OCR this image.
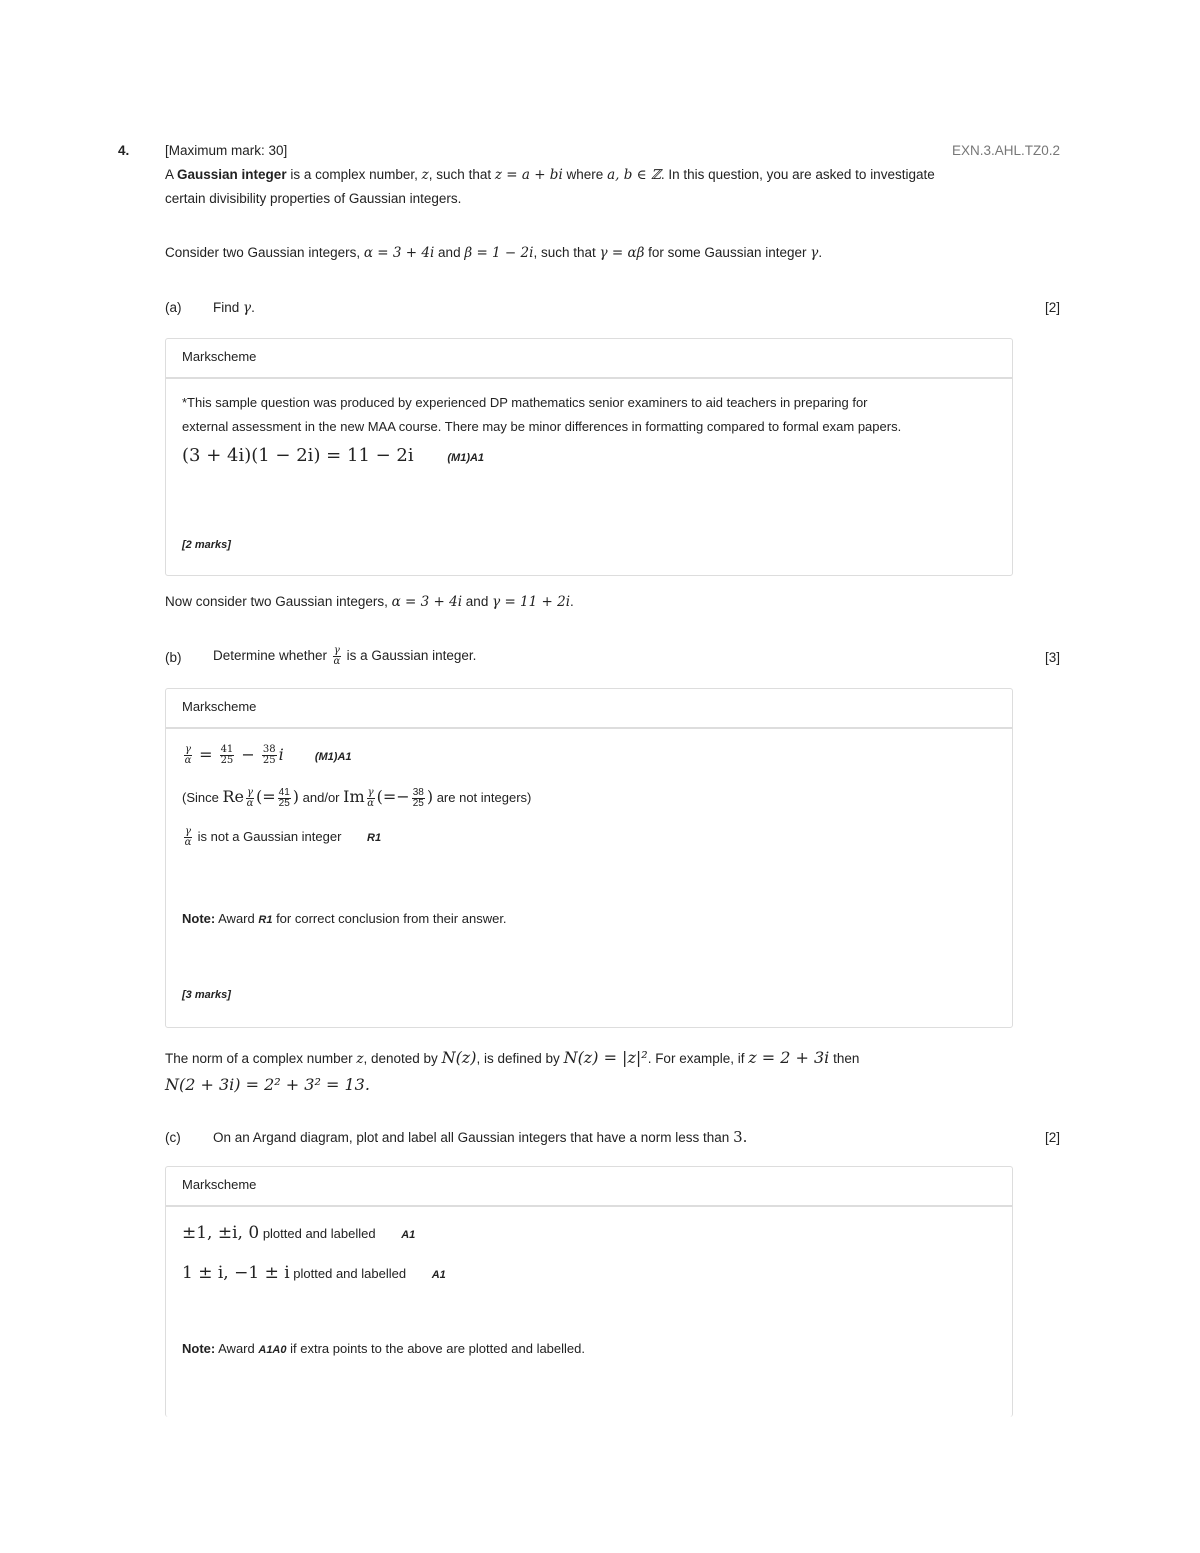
4.	[Maximum mark: 30]	EXN.3.AHL.TZ0.2
A Gaussian integer is a complex number, z, such that z = a + bi where a, b ∈ ℤ. In this question, you are asked to investigate
certain divisibility properties of Gaussian integers.
Consider two Gaussian integers, α = 3 + 4i and β = 1 − 2i, such that γ = αβ for some Gaussian integer γ.
(a) Find γ.	[2]
Markscheme
*This sample question was produced by experienced DP mathematics senior examiners to aid teachers in preparing for
external assessment in the new MAA course. There may be minor differences in formatting compared to formal exam papers.
(3 + 4i)(1 − 2i) = 11 − 2i	(M1)A1
[2 marks]
Now consider two Gaussian integers, α = 3 + 4i and γ = 11 + 2i.
(b) Determine whether $\frac{\gamma}{\alpha}$ is a Gaussian integer.	[3]
Markscheme
$\frac{\gamma}{\alpha} = \frac{41}{25} - \frac{38}{25}$ i	(M1)A1
(Since Re $\frac{\gamma}{\alpha}$ (= $\frac{41}{25}$ ) and/or Im $\frac{\gamma}{\alpha}$ (=− $\frac{38}{25}$ ) are not integers)
$\frac{\gamma}{\alpha}$ is not a Gaussian integer R1
Note: Award R1 for correct conclusion from their answer.
[3 marks]
The norm of a complex number z, denoted by N(z), is defined by N(z) = |z|². For example, if z = 2 + 3i then
N(2 + 3i) = 2² + 3² = 13.
(c) On an Argand diagram, plot and label all Gaussian integers that have a norm less than 3.	[2]
Markscheme
±1, ±i, 0 plotted and labelled A1
1 ± i, −1 ± i plotted and labelled A1
Note: Award A1A0 if extra points to the above are plotted and labelled.
